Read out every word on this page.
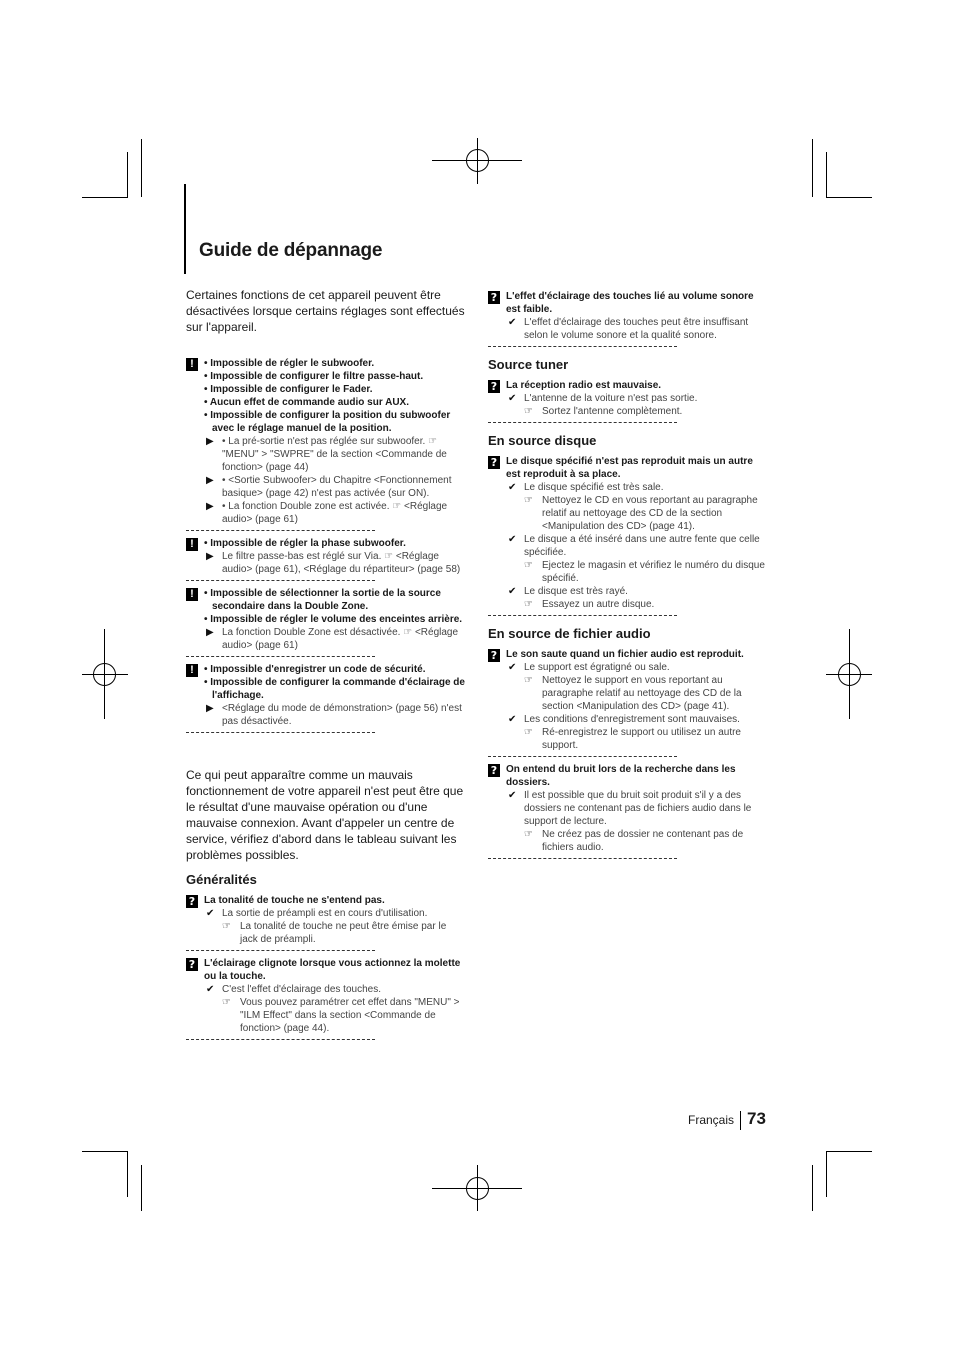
Guide de dépannage

Certaines fonctions de cet appareil peuvent être désactivées lorsque certains réglages sont effectués sur l'appareil.

!	• Impossible de régler le subwoofer.
• Impossible de configurer le filtre passe-haut.
• Impossible de configurer le Fader.
• Aucun effet de commande audio sur AUX.
• Impossible de configurer la position du subwoofer avec le réglage manuel de la position.
▶ • La pré-sortie n'est pas réglée sur subwoofer. ☞ "MENU" > "SWPRE" de la section <Commande de fonction> (page 44)
▶ • <Sortie Subwoofer> du Chapitre <Fonctionnement basique> (page 42) n'est pas activée (sur ON).
▶ • La fonction Double zone est activée. ☞ <Réglage audio> (page 61)
!	• Impossible de régler la phase subwoofer.
▶ Le filtre passe-bas est réglé sur Via. ☞ <Réglage audio> (page 61), <Réglage du répartiteur> (page 58)
!	• Impossible de sélectionner la sortie de la source secondaire dans la Double Zone.
• Impossible de régler le volume des enceintes arrière.
▶ La fonction Double Zone est désactivée. ☞ <Réglage audio> (page 61)
!	• Impossible d'enregistrer un code de sécurité.
• Impossible de configurer la commande d'éclairage de l'affichage.
▶ <Réglage du mode de démonstration> (page 56) n'est pas désactivée.

Ce qui peut apparaître comme un mauvais fonctionnement de votre appareil n'est peut être que le résultat d'une mauvaise opération ou d'une mauvaise connexion. Avant d'appeler un centre de service, vérifiez d'abord dans le tableau suivant les problèmes possibles.

Généralités
? La tonalité de touche ne s'entend pas.
✔ La sortie de préampli est en cours d'utilisation.
☞ La tonalité de touche ne peut être émise par le jack de préampli.
? L'éclairage clignote lorsque vous actionnez la molette ou la touche.
✔ C'est l'effet d'éclairage des touches.
☞ Vous pouvez paramétrer cet effet dans "MENU" > "ILM Effect" dans la section <Commande de fonction> (page 44).
? L'effet d'éclairage des touches lié au volume sonore est faible.
✔ L'effet d'éclairage des touches peut être insuffisant selon le volume sonore et la qualité sonore.
Source tuner
? La réception radio est mauvaise.
✔ L'antenne de la voiture n'est pas sortie.
☞ Sortez l'antenne complètement.
En source disque
? Le disque spécifié n'est pas reproduit mais un autre est reproduit à sa place.
✔ Le disque spécifié est très sale.
☞ Nettoyez le CD en vous reportant au paragraphe relatif au nettoyage des CD de la section <Manipulation des CD> (page 41).
✔ Le disque a été inséré dans une autre fente que celle spécifiée.
☞ Ejectez le magasin et vérifiez le numéro du disque spécifié.
✔ Le disque est très rayé.
☞ Essayez un autre disque.
En source de fichier audio
? Le son saute quand un fichier audio est reproduit.
✔ Le support est égratigné ou sale.
☞ Nettoyez le support en vous reportant au paragraphe relatif au nettoyage des CD de la section <Manipulation des CD> (page 41).
✔ Les conditions d'enregistrement sont mauvaises.
☞ Ré-enregistrez le support ou utilisez un autre support.
? On entend du bruit lors de la recherche dans les dossiers.
✔ Il est possible que du bruit soit produit s'il y a des dossiers ne contenant pas de fichiers audio dans le support de lecture.
☞ Ne créez pas de dossier ne contenant pas de fichiers audio.
Français 73
